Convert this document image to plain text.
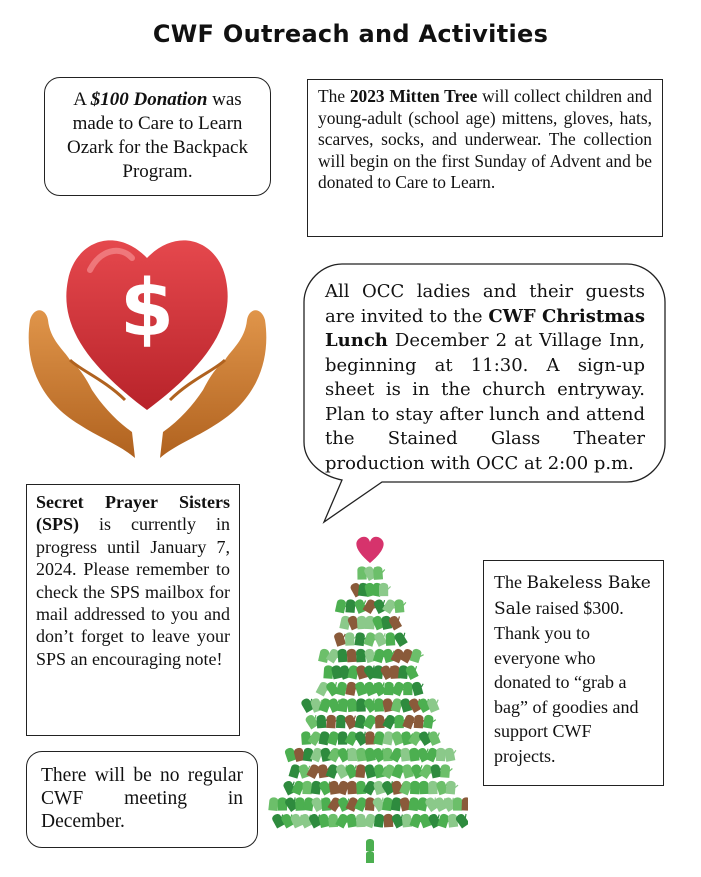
CWF Outreach and Activities
A $100 Donation was made to Care to Learn Ozark for the Backpack Program.
The 2023 Mitten Tree will collect children and young-adult (school age) mittens, gloves, hats, scarves, socks, and underwear. The collection will begin on the first Sunday of Advent and be donated to Care to Learn.
$	All OCC ladies and their guests are invited to the CWF Christmas Lunch December 2 at Village Inn, beginning at 11:30. A sign-up sheet is in the church entryway. Plan to stay after lunch and attend the Stained Glass Theater production with OCC at 2:00 p.m.
Secret Prayer Sisters (SPS) is currently in progress until January 7, 2024. Please remember to check the SPS mailbox for mail addressed to you and don’t forget to leave your SPS an encouraging note!
There will be no regular CWF meeting in December.
The Bakeless Bake Sale raised $300. Thank you to everyone who donated to “grab a bag” of goodies and support CWF projects.
